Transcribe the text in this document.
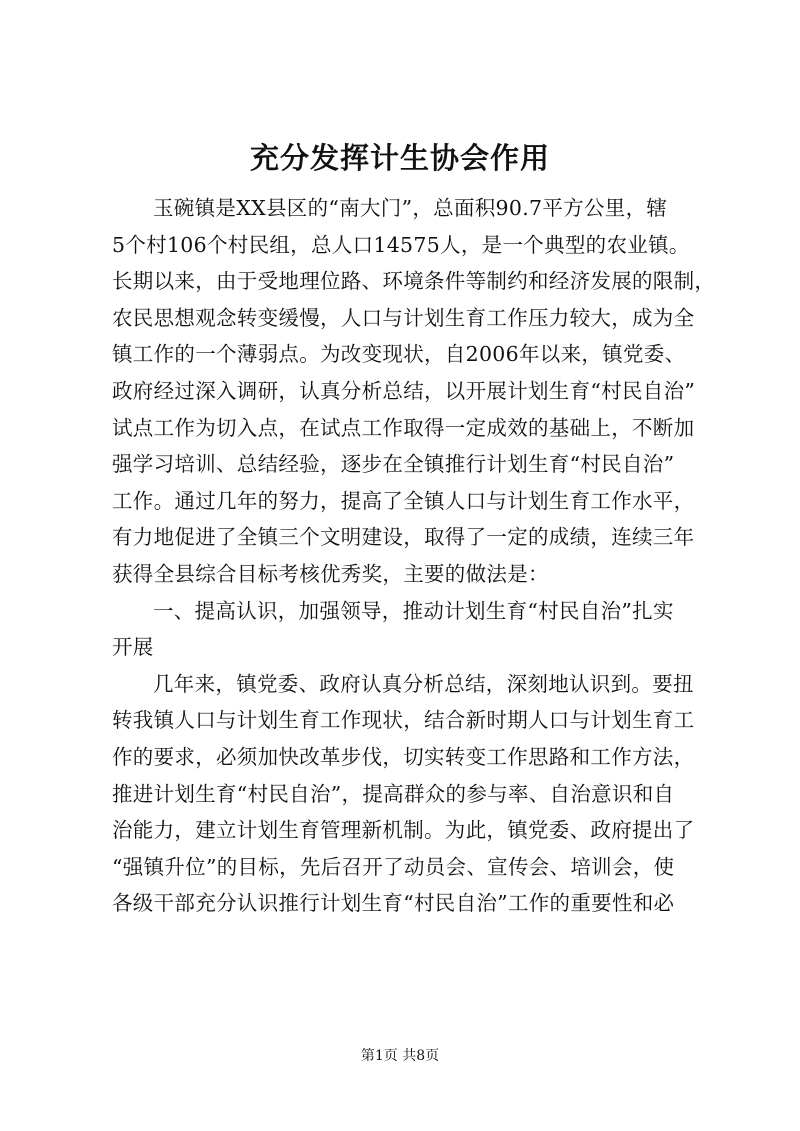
充分发挥计生协会作用
玉碗镇是XX县区的“南大门”，总面积90.7平方公里，辖
5个村106个村民组，总人口14575人，是一个典型的农业镇。
长期以来，由于受地理位路、环境条件等制约和经济发展的限制，
农民思想观念转变缓慢，人口与计划生育工作压力较大，成为全
镇工作的一个薄弱点。为改变现状，自2006年以来，镇党委、
政府经过深入调研，认真分析总结，以开展计划生育“村民自治”
试点工作为切入点，在试点工作取得一定成效的基础上，不断加
强学习培训、总结经验，逐步在全镇推行计划生育“村民自治”
工作。通过几年的努力，提高了全镇人口与计划生育工作水平，
有力地促进了全镇三个文明建设，取得了一定的成绩，连续三年
获得全县综合目标考核优秀奖，主要的做法是：
一、提高认识，加强领导，推动计划生育“村民自治”扎实
开展
几年来，镇党委、政府认真分析总结，深刻地认识到。要扭
转我镇人口与计划生育工作现状，结合新时期人口与计划生育工
作的要求，必须加快改革步伐，切实转变工作思路和工作方法，
推进计划生育“村民自治”，提高群众的参与率、自治意识和自
治能力，建立计划生育管理新机制。为此，镇党委、政府提出了
“强镇升位”的目标，先后召开了动员会、宣传会、培训会，使
各级干部充分认识推行计划生育“村民自治”工作的重要性和必
第1页 共8页
